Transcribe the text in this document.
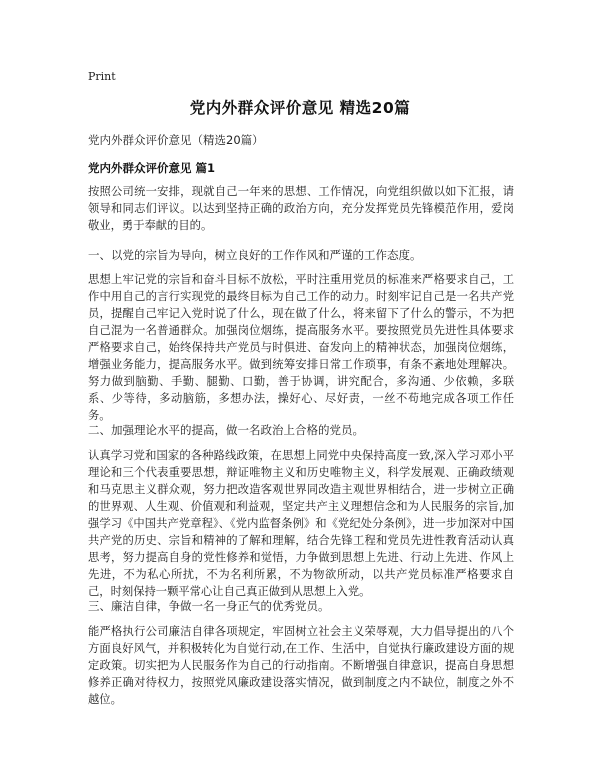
Print
党内外群众评价意见 精选20篇
党内外群众评价意见（精选20篇）
党内外群众评价意见 篇1

按照公司统一安排，现就自己一年来的思想、工作情况，向党组织做以如下汇报，请领导和同志们评议。以达到坚持正确的政治方向，充分发挥党员先锋模范作用，爱岗敬业，勇于奉献的目的。

一、以党的宗旨为导向，树立良好的工作作风和严谨的工作态度。

思想上牢记党的宗旨和奋斗目标不放松，平时注重用党员的标准来严格要求自己，工作中用自己的言行实现党的最终目标为自己工作的动力。时刻牢记自己是一名共产党员，提醒自己牢记入党时说了什么，现在做了什么，将来留下了什么的警示，不为把自己混为一名普通群众。加强岗位烟练，提高服务水平。要按照党员先进性具体要求严格要求自己，始终保持共产党员与时俱进、奋发向上的精神状态，加强岗位烟练，增强业务能力，提高服务水平。做到统筹安排日常工作琐事，有条不紊地处理解决。努力做到脑勤、手勤、腿勤、口勤，善于协调，讲究配合，多沟通、少依赖，多联系、少等待，多动脑筋，多想办法，操好心、尽好责，一丝不苟地完成各项工作任务。

二、加强理论水平的提高，做一名政治上合格的党员。

认真学习党和国家的各种路线政策，在思想上同党中央保持高度一致,深入学习邓小平理论和三个代表重要思想，辩证唯物主义和历史唯物主义，科学发展观、正确政绩观和马克思主义群众观，努力把改造客观世界同改造主观世界相结合，进一步树立正确的世界观、人生观、价值观和利益观，坚定共产主义理想信念和为人民服务的宗旨,加强学习《中国共产党章程》、《党内监督条例》和《党纪处分条例》，进一步加深对中国共产党的历史、宗旨和精神的了解和理解，结合先锋工程和党员先进性教育活动认真思考，努力提高自身的党性修养和觉悟，力争做到思想上先进、行动上先进、作风上先进，不为私心所扰，不为名利所累，不为物欲所动，以共产党员标准严格要求自己，时刻保持一颗平常心让自己真正做到从思想上入党。

三、廉洁自律，争做一名一身正气的优秀党员。

能严格执行公司廉洁自律各项规定，牢固树立社会主义荣辱观，大力倡导提出的八个方面良好风气，并积极转化为自觉行动,在工作、生活中，自觉执行廉政建设方面的规定政策。切实把为人民服务作为自己的行动指南。不断增强自律意识，提高自身思想修养正确对待权力，按照党风廉政建设落实情况，做到制度之内不缺位，制度之外不越位。
